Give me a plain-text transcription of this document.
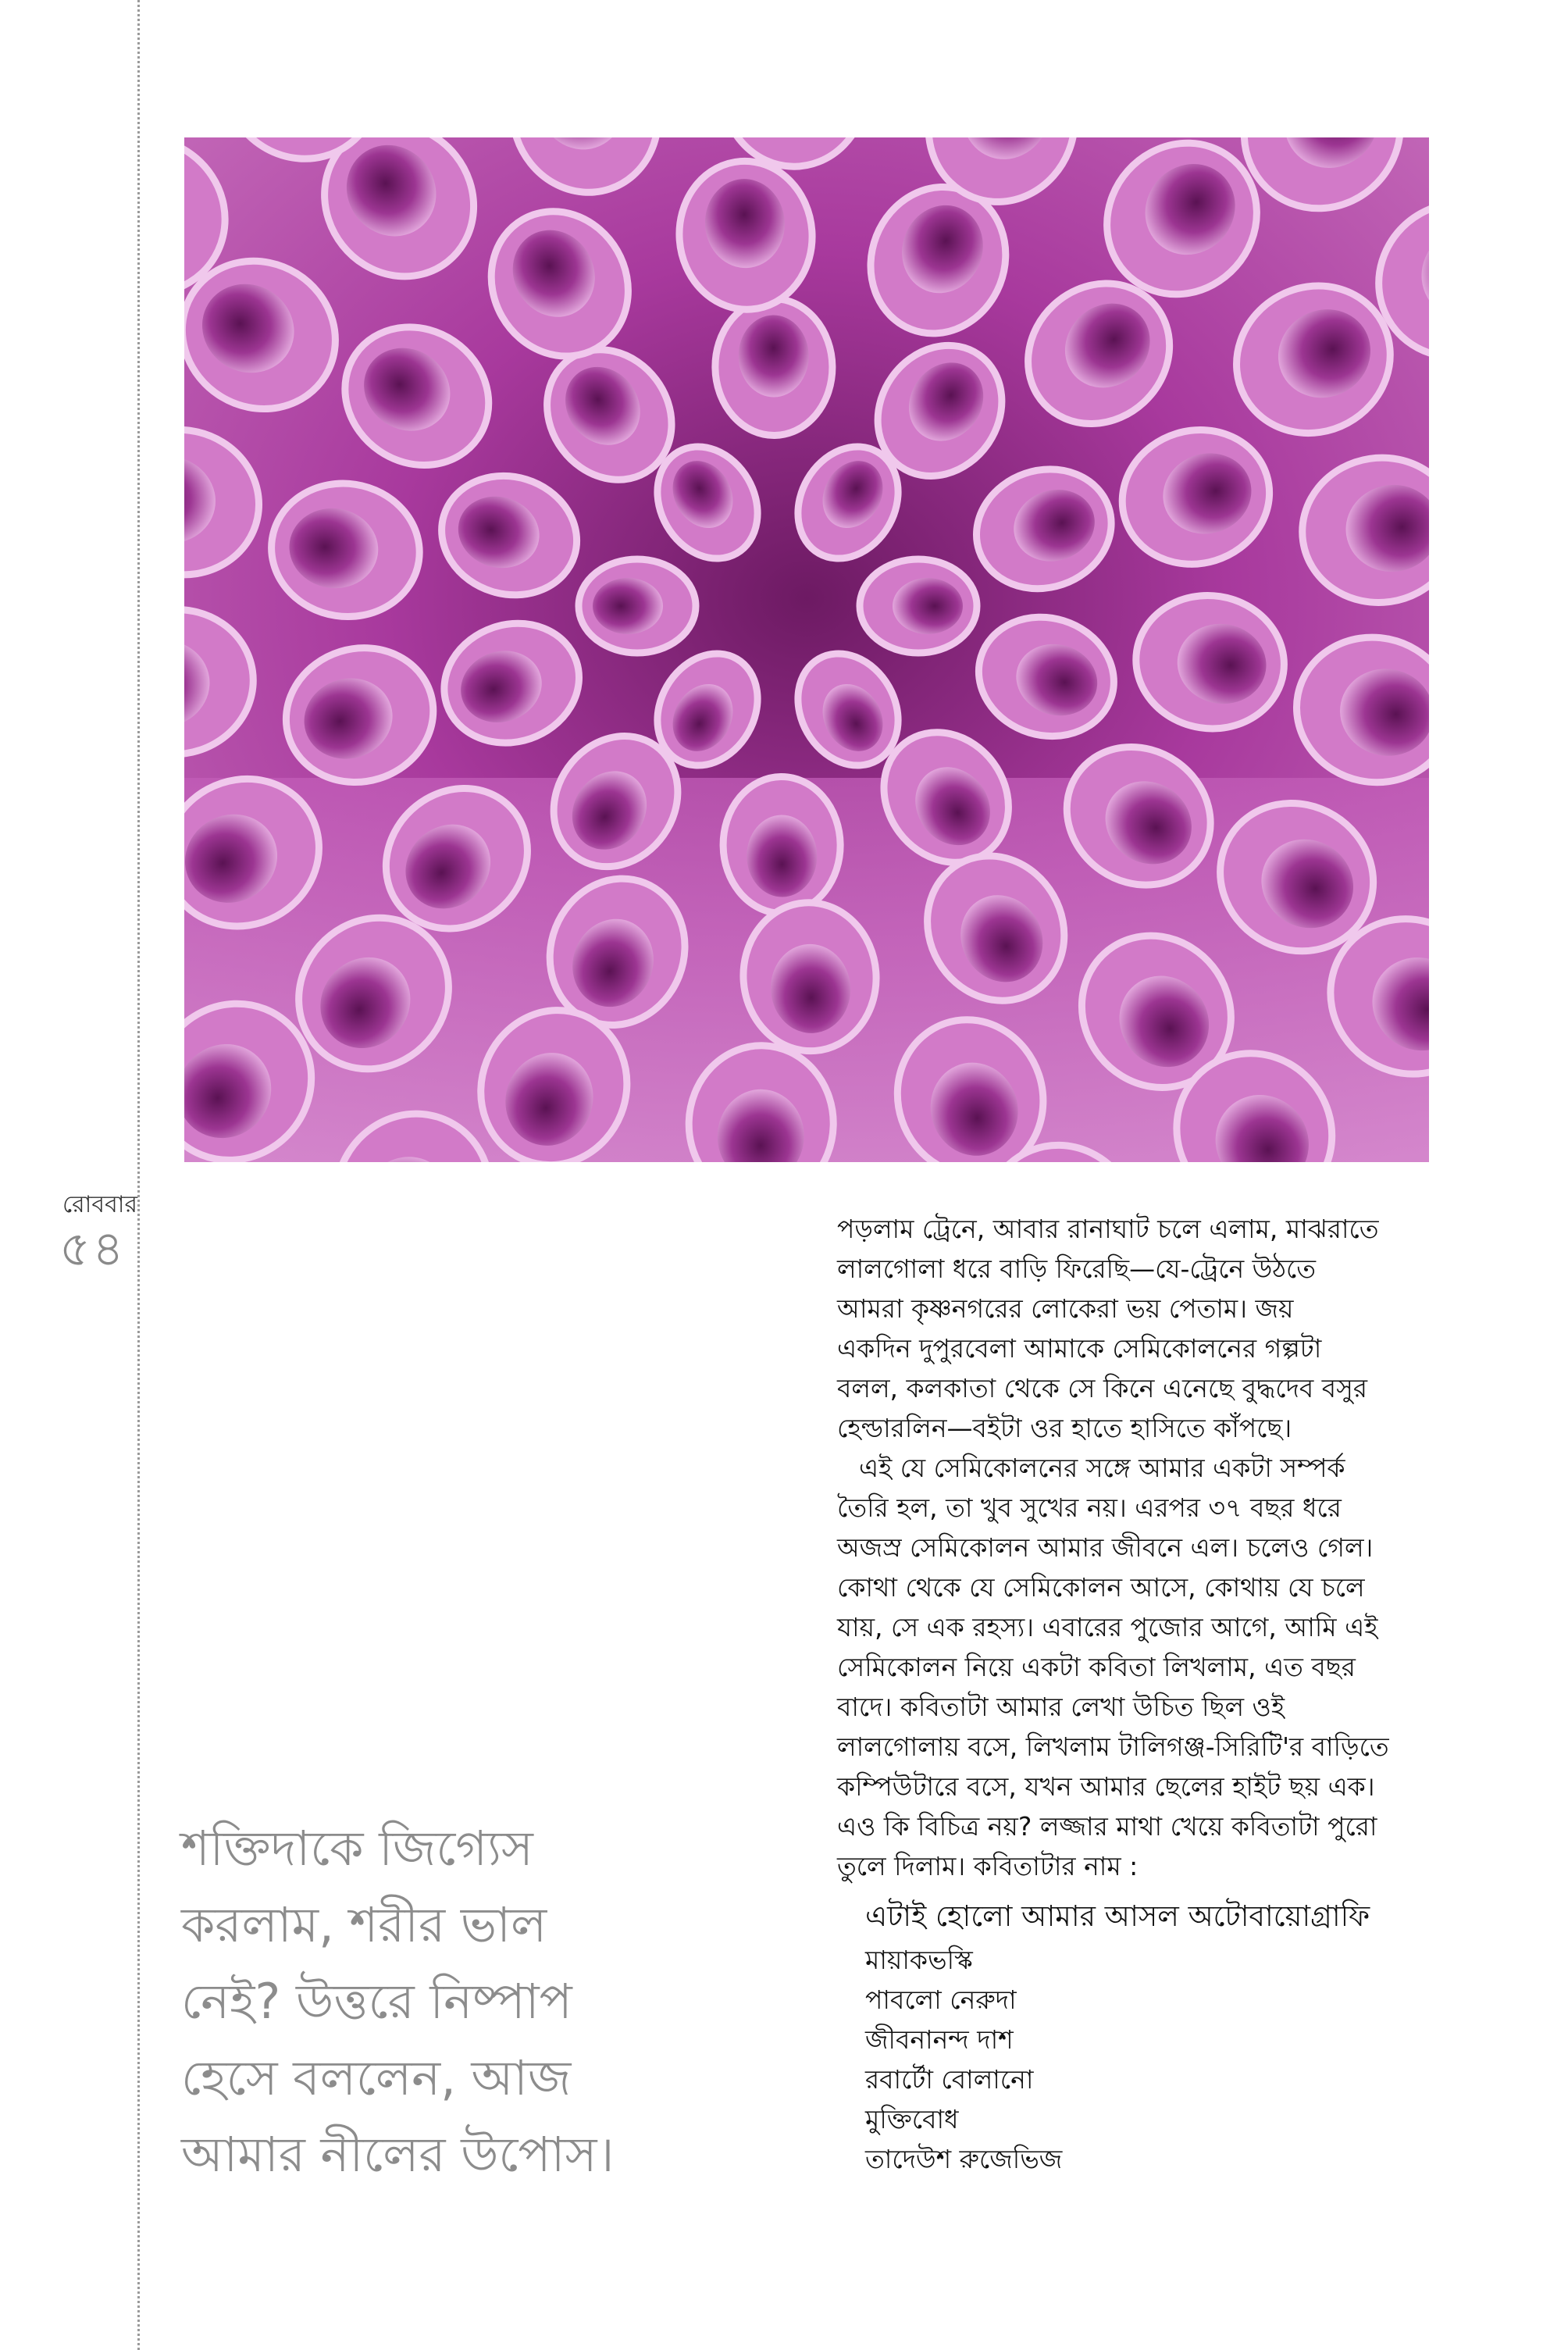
রোববার
৫৪

শক্তিদাকে জিগ্যেস

করলাম, শরীর ভাল

নেই? উত্তরে নিষ্পাপ

হেসে বললেন, আজ

আমার নীলের উপোস।

পড়লাম ট্রেনে, আবার রানাঘাট চলে এলাম, মাঝরাতে
লালগোলা ধরে বাড়ি ফিরেছি—যে-ট্রেনে উঠতে
আমরা কৃষ্ণনগরের লোকেরা ভয় পেতাম। জয়
একদিন দুপুরবেলা আমাকে সেমিকোলনের গল্পটা
বলল, কলকাতা থেকে সে কিনে এনেছে বুদ্ধদেব বসুর
হেল্ডারলিন—বইটা ওর হাতে হাসিতে কাঁপছে।
এই যে সেমিকোলনের সঙ্গে আমার একটা সম্পর্ক
তৈরি হল, তা খুব সুখের নয়। এরপর ৩৭ বছর ধরে
অজস্র সেমিকোলন আমার জীবনে এল। চলেও গেল।
কোথা থেকে যে সেমিকোলন আসে, কোথায় যে চলে
যায়, সে এক রহস্য। এবারের পুজোর আগে, আমি এই
সেমিকোলন নিয়ে একটা কবিতা লিখলাম, এত বছর
বাদে। কবিতাটা আমার লেখা উচিত ছিল ওই
লালগোলায় বসে, লিখলাম টালিগঞ্জ-সিরিটি'র বাড়িতে
কম্পিউটারে বসে, যখন আমার ছেলের হাইট ছয় এক।
এও কি বিচিত্র নয়? লজ্জার মাথা খেয়ে কবিতাটা পুরো
তুলে দিলাম। কবিতাটার নাম :
এটাই হোলো আমার আসল অটোবায়োগ্রাফি
মায়াকভস্কি
পাবলো নেরুদা
জীবনানন্দ দাশ
রবার্টো বোলানো
মুক্তিবোধ
তাদেউশ রুজেভিজ
